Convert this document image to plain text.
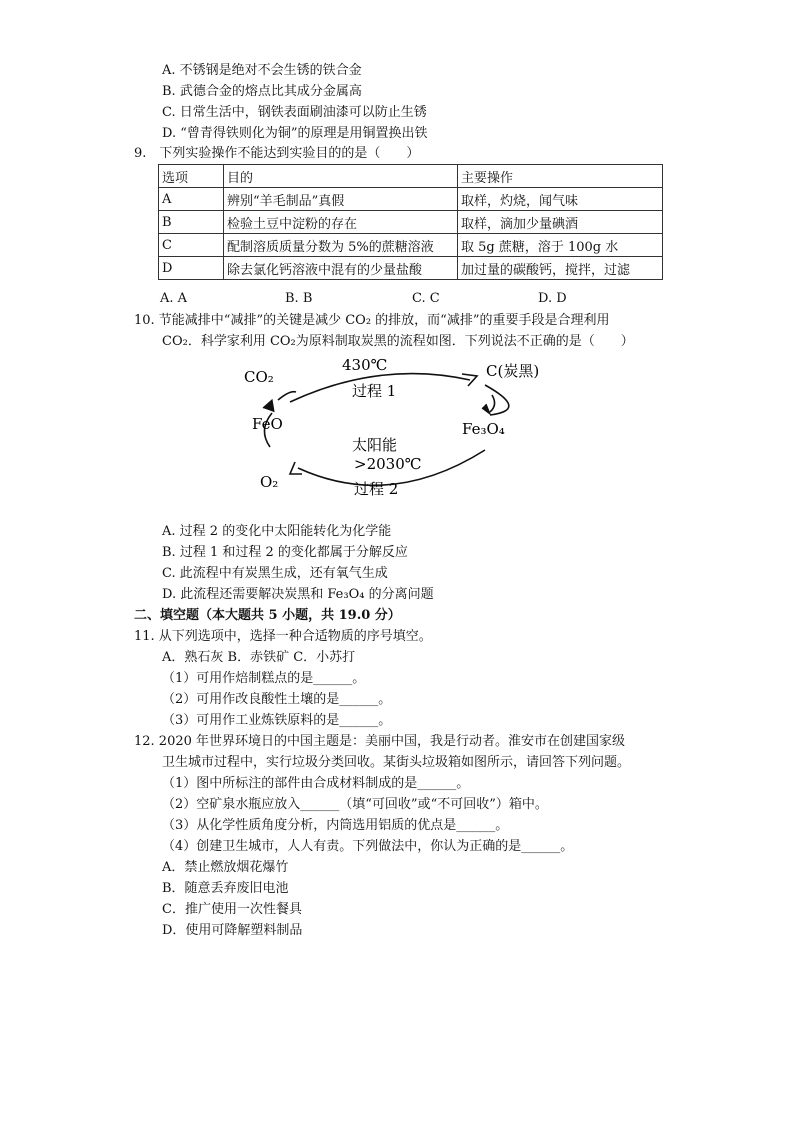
A. 不锈钢是绝对不会生锈的铁合金
B. 武德合金的熔点比其成分金属高
C. 日常生活中，钢铁表面刷油漆可以防止生锈
D. “曾青得铁则化为铜”的原理是用铜置换出铁
9.　下列实验操作不能达到实验目的的是（　　）
选项	目的	主要操作
A	辨别“羊毛制品”真假	取样，灼烧，闻气味
B	检验土豆中淀粉的存在	取样，滴加少量碘酒
C	配制溶质质量分数为 5%的蔗糖溶液	取 5g 蔗糖，溶于 100g 水
D	除去氯化钙溶液中混有的少量盐酸	加过量的碳酸钙，搅拌，过滤
A. A	B. B	C. C	D. D
10. 节能减排中“减排”的关键是减少 CO₂ 的排放，而“减排”的重要手段是合理利用
CO₂．科学家利用 CO₂为原料制取炭黑的流程如图．下列说法不正确的是（　　）
430℃
过程 1
CO₂	C(炭黑)
FeO	Fe₃O₄
太阳能
>2030℃
O₂	过程 2
A. 过程 2 的变化中太阳能转化为化学能
B. 过程 1 和过程 2 的变化都属于分解反应
C. 此流程中有炭黑生成，还有氧气生成
D. 此流程还需要解决炭黑和 Fe₃O₄ 的分离问题
二、填空题（本大题共 5 小题，共 19.0 分）
11. 从下列选项中，选择一种合适物质的序号填空。
A．熟石灰 B．赤铁矿 C．小苏打
（1）可用作焙制糕点的是______。
（2）可用作改良酸性土壤的是______。
（3）可用作工业炼铁原料的是______。
12. 2020 年世界环境日的中国主题是：美丽中国，我是行动者。淮安市在创建国家级
卫生城市过程中，实行垃圾分类回收。某街头垃圾箱如图所示，请回答下列问题。
（1）图中所标注的部件由合成材料制成的是______。
（2）空矿泉水瓶应放入______（填“可回收”或“不可回收”）箱中。
（3）从化学性质角度分析，内筒选用铝质的优点是______。
（4）创建卫生城市，人人有责。下列做法中，你认为正确的是______。
A．禁止燃放烟花爆竹
B．随意丢弃废旧电池
C．推广使用一次性餐具
D．使用可降解塑料制品
